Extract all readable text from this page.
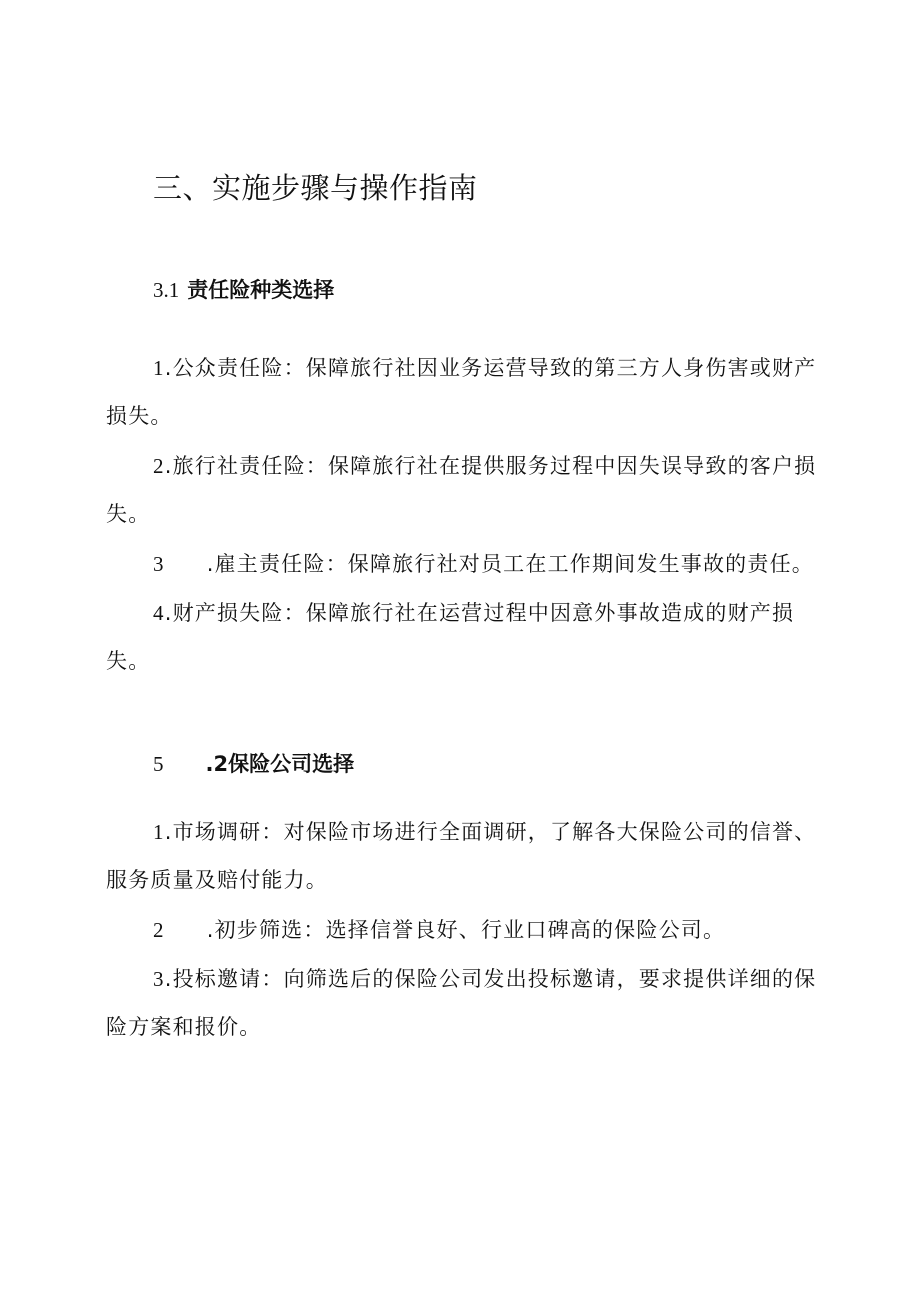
三、实施步骤与操作指南
3.1 责任险种类选择

1.公众责任险：保障旅行社因业务运营导致的第三方人身伤害或财产损失。

2.旅行社责任险：保障旅行社在提供服务过程中因失误导致的客户损失。

3 .雇主责任险：保障旅行社对员工在工作期间发生事故的责任。

4.财产损失险：保障旅行社在运营过程中因意外事故造成的财产损失。

5 .2保险公司选择

1.市场调研：对保险市场进行全面调研，了解各大保险公司的信誉、服务质量及赔付能力。

2 .初步筛选：选择信誉良好、行业口碑高的保险公司。

3.投标邀请：向筛选后的保险公司发出投标邀请，要求提供详细的保险方案和报价。
